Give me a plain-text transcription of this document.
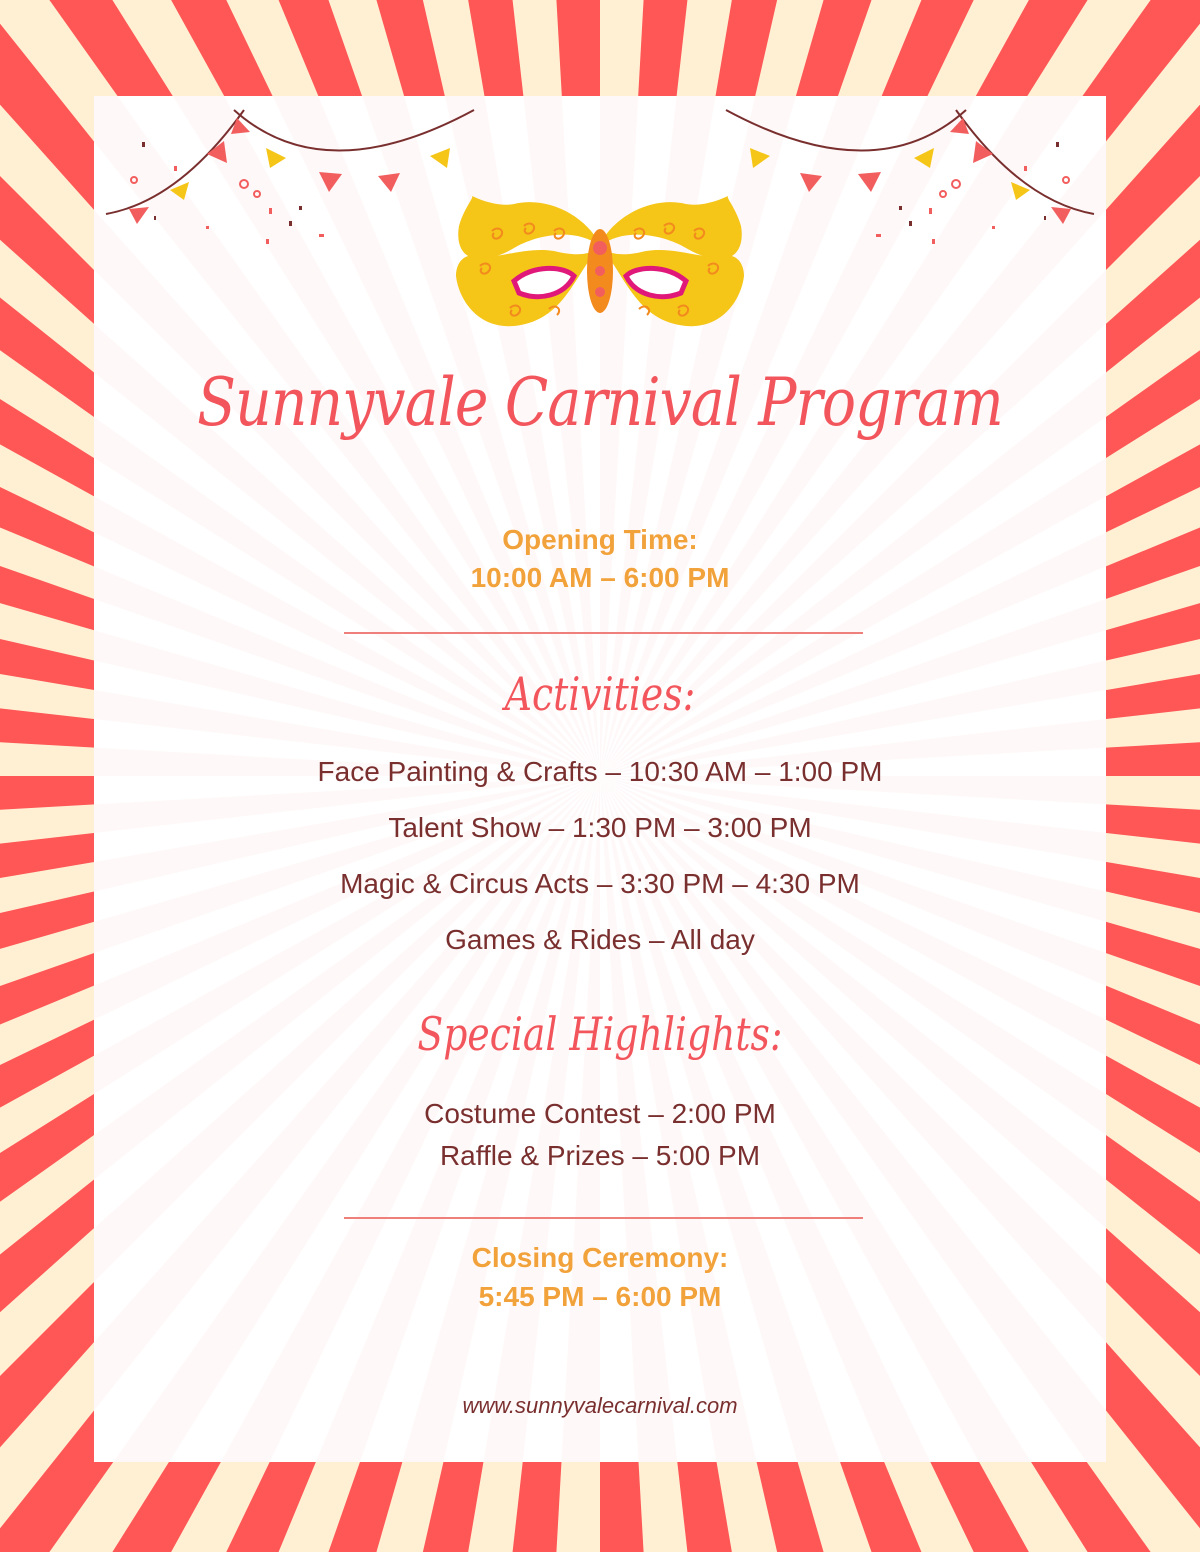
Sunnyvale Carnival Program
Opening Time:
10:00 AM – 6:00 PM
Activities:
Face Painting & Crafts – 10:30 AM – 1:00 PM
Talent Show – 1:30 PM – 3:00 PM
Magic & Circus Acts – 3:30 PM – 4:30 PM
Games & Rides – All day
Special Highlights:
Costume Contest – 2:00 PM
Raffle & Prizes – 5:00 PM
Closing Ceremony:
5:45 PM – 6:00 PM
www.sunnyvalecarnival.com
